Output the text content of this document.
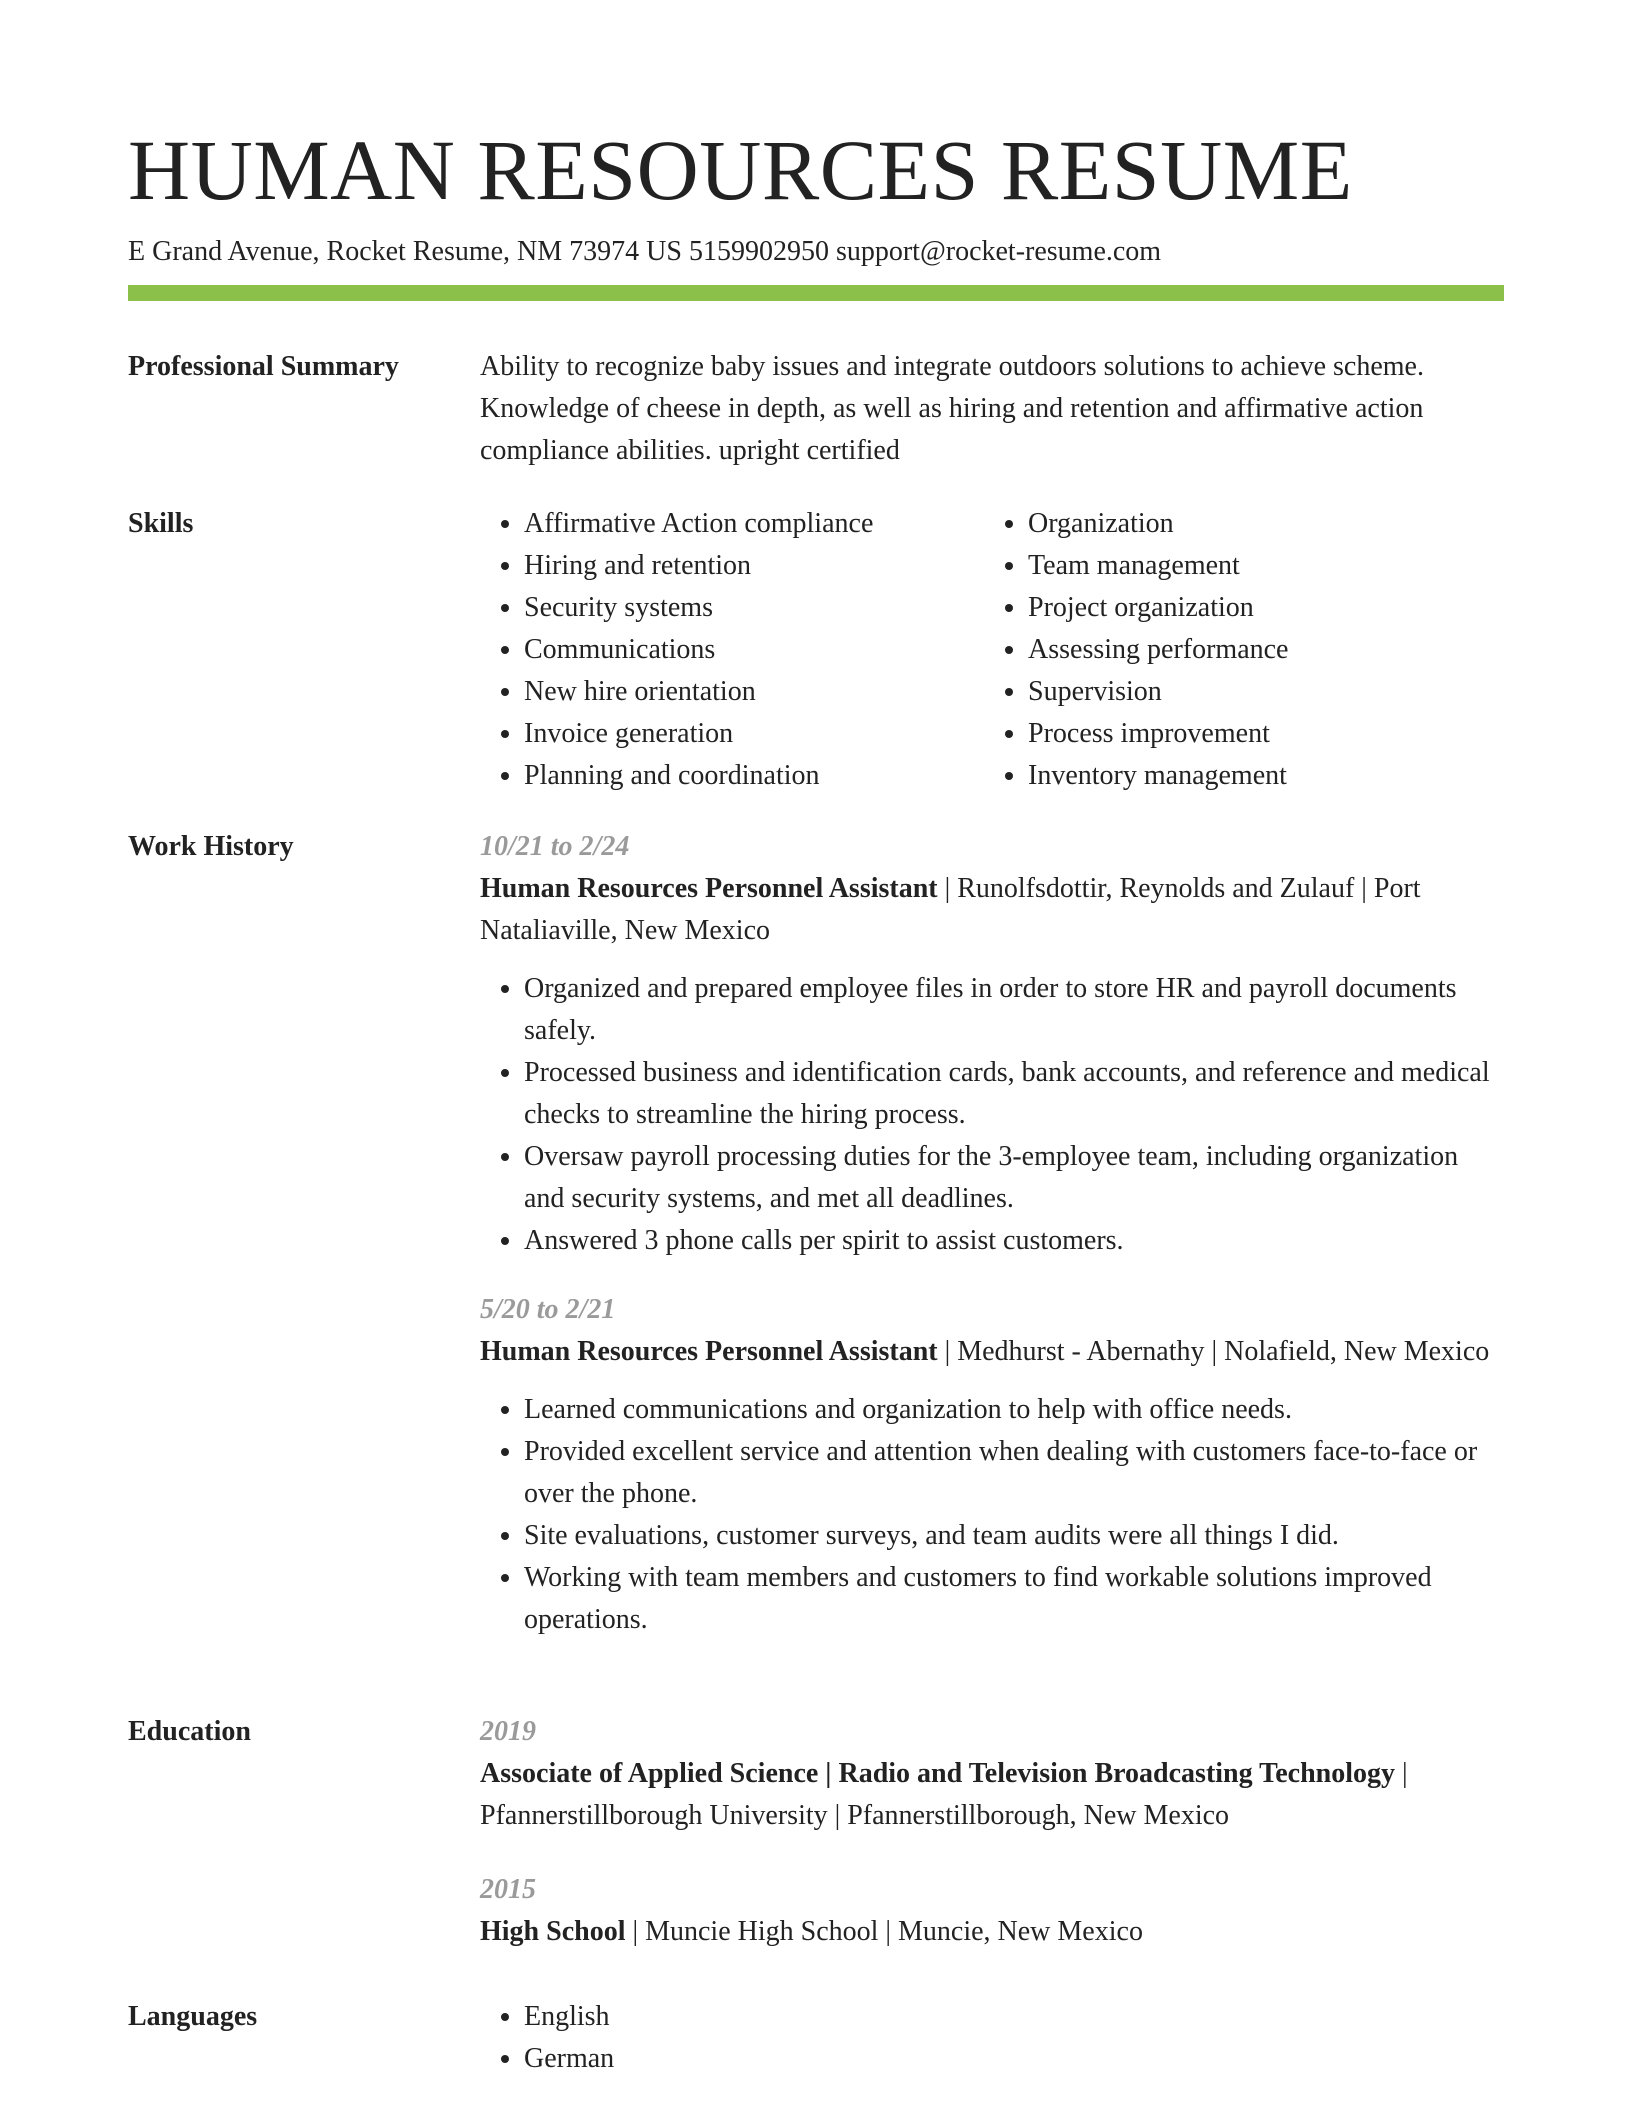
HUMAN RESOURCES RESUME
E Grand Avenue, Rocket Resume, NM 73974 US 5159902950 support@rocket-resume.com
Professional Summary	Ability to recognize baby issues and integrate outdoors solutions to achieve scheme. Knowledge of cheese in depth, as well as hiring and retention and affirmative action compliance abilities. upright certified

Skills	• Affirmative Action compliance
• Hiring and retention
• Security systems
• Communications
• New hire orientation
• Invoice generation
• Planning and coordination
• Organization
• Team management
• Project organization
• Assessing performance
• Supervision
• Process improvement
• Inventory management
Work History	10/21 to 2/24
Human Resources Personnel Assistant | Runolfsdottir, Reynolds and Zulauf | Port Nataliaville, New Mexico
• Organized and prepared employee files in order to store HR and payroll documents safely.
• Processed business and identification cards, bank accounts, and reference and medical checks to streamline the hiring process.
• Oversaw payroll processing duties for the 3-employee team, including organization and security systems, and met all deadlines.
• Answered 3 phone calls per spirit to assist customers.
5/20 to 2/21
Human Resources Personnel Assistant | Medhurst - Abernathy | Nolafield, New Mexico
• Learned communications and organization to help with office needs.
• Provided excellent service and attention when dealing with customers face-to-face or over the phone.
• Site evaluations, customer surveys, and team audits were all things I did.
• Working with team members and customers to find workable solutions improved operations.
Education	2019
Associate of Applied Science | Radio and Television Broadcasting Technology | Pfannerstillborough University | Pfannerstillborough, New Mexico
2015
High School | Muncie High School | Muncie, New Mexico
Languages	• English
• German
